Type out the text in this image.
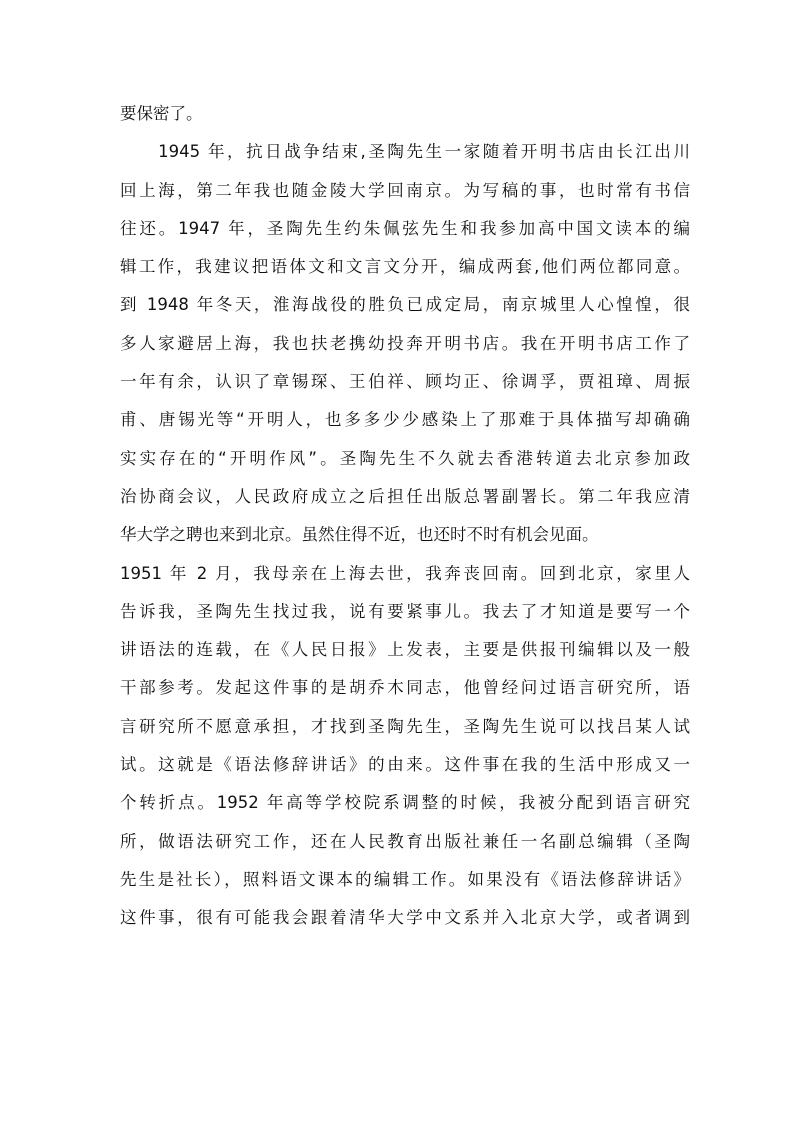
要保密了。
　　1945 年，抗日战争结束,圣陶先生一家随着开明书店由长江出川
回上海，第二年我也随金陵大学回南京。为写稿的事，也时常有书信
往还。1947 年，圣陶先生约朱佩弦先生和我参加高中国文读本的编
辑工作，我建议把语体文和文言文分开，编成两套,他们两位都同意。
到 1948 年冬天，淮海战役的胜负已成定局，南京城里人心惶惶，很
多人家避居上海，我也扶老携幼投奔开明书店。我在开明书店工作了
一年有余，认识了章锡琛、王伯祥、顾均正、徐调孚，贾祖璋、周振
甫、唐锡光等“开明人，也多多少少感染上了那难于具体描写却确确
实实存在的“开明作风”。圣陶先生不久就去香港转道去北京参加政
治协商会议，人民政府成立之后担任出版总署副署长。第二年我应清
华大学之聘也来到北京。虽然住得不近，也还时不时有机会见面。
1951 年 2 月，我母亲在上海去世，我奔丧回南。回到北京，家里人
告诉我，圣陶先生找过我，说有要紧事儿。我去了才知道是要写一个
讲语法的连载，在《人民日报》上发表，主要是供报刊编辑以及一般
干部参考。发起这件事的是胡乔木同志，他曾经问过语言研究所，语
言研究所不愿意承担，才找到圣陶先生，圣陶先生说可以找吕某人试
试。这就是《语法修辞讲话》的由来。这件事在我的生活中形成又一
个转折点。1952 年高等学校院系调整的时候，我被分配到语言研究
所，做语法研究工作，还在人民教育出版社兼任一名副总编辑（圣陶
先生是社长），照料语文课本的编辑工作。如果没有《语法修辞讲话》
这件事，很有可能我会跟着清华大学中文系并入北京大学，或者调到
